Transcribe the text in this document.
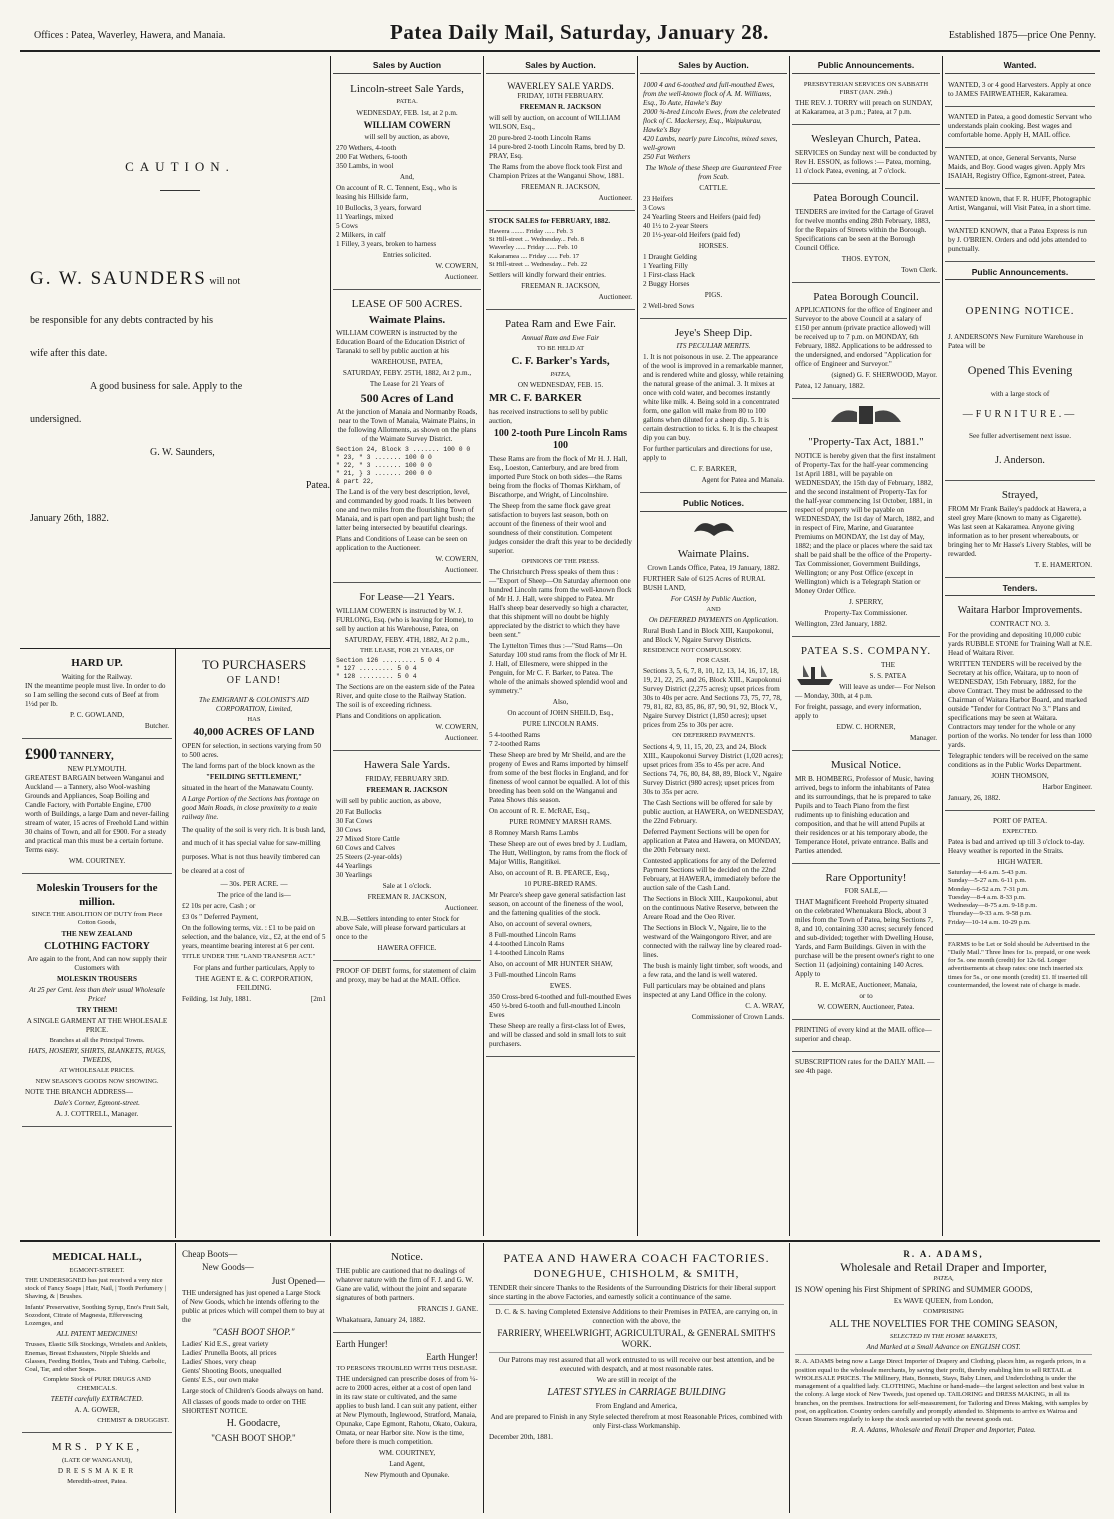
Offices : Patea, Waverley, Hawera, and Manaia.	Patea Daily Mail, Saturday, January 28.	Established 1875—price One Penny.
CAUTION.
G. W. SAUNDERS will not

be responsible for any debts contracted by his

wife after this date.

A good business for sale. Apply to the

undersigned.

G. W. Saunders,

Patea.

January 26th, 1882.

HARD UP.
Waiting for the Railway.

IN the meantime people must live. In order to do so I am selling the second cuts of Beef at from 1½d per lb.

P. C. GOWLAND,

Butcher.

£900 TANNERY,
NEW PLYMOUTH.

GREATEST BARGAIN between Wanganui and Auckland — a Tannery, also Wool-washing Grounds and Appliances, Soap Boiling and Candle Factory, with Portable Engine, £700 worth of Buildings, a large Dam and never-failing stream of water, 15 acres of Freehold Land within 30 chains of Town, and all for £900. For a steady and practical man this must be a certain fortune. Terms easy.

WM. COURTNEY.

Moleskin Trousers for the million.

SINCE THE ABOLITION OF DUTY from Piece Cotton Goods,

THE NEW ZEALAND

CLOTHING FACTORY

Are again to the front, And can now supply their Customers with

MOLESKIN TROUSERS

At 25 per Cent. less than their usual Wholesale Price!

TRY THEM!

A SINGLE GARMENT AT THE WHOLESALE PRICE.

Branches at all the Principal Towns.

HATS, HOSIERY, SHIRTS, BLANKETS, RUGS, TWEEDS,

AT WHOLESALE PRICES.

NEW SEASON'S GOODS NOW SHOWING.

NOTE THE BRANCH ADDRESS—

Dale's Corner, Egmont-street.

A. J. COTTRELL, Manager.

TO PURCHASERS
OF LAND!

The EMIGRANT & COLONIST'S AID CORPORATION, Limited,

HAS

40,000 ACRES OF LAND

OPEN for selection, in sections varying from 50 to 500 acres.

The land forms part of the block known as the

"FEILDING SETTLEMENT,"

situated in the heart of the Manawatu County.

A Large Portion of the Sections has frontage on good Main Roads, in close proximity to a main railway line.

The quality of the soil is very rich. It is bush land, and much of it has special value for saw-milling purposes. What is not thus heavily timbered can be cleared at a cost of

— 30s. PER ACRE. —

The price of the land is—

£2 10s per acre, Cash ; or

£3 0s " Deferred Payment,

On the following terms, viz. : £1 to be paid on selection, and the balance, viz., £2, at the end of 5 years, meantime bearing interest at 6 per cent.

TITLE UNDER THE "LAND TRANSFER ACT."

For plans and further particulars, Apply to

THE AGENT E. & C. CORPORATION, FEILDING.

Feilding, 1st July, 1881.	[2m1

Sales by Auction
Lincoln-street Sale Yards,

PATEA.

WEDNESDAY, FEB. 1st, at 2 p.m.

WILLIAM COWERN

will sell by auction, as above,

270 Wethers, 4-tooth
200 Fat Wethers, 6-tooth
350 Lambs, in wool

And,

On account of R. C. Tennent, Esq., who is leasing his Hillside farm,

10 Bullocks, 3 years, forward
11 Yearlings, mixed
5 Cows
2 Milkers, in calf
1 Filley, 3 years, broken to harness

Entries solicited.

W. COWERN,

Auctioneer.

LEASE OF 500 ACRES.
Waimate Plains.

WILLIAM COWERN is instructed by the Education Board of the Education District of Taranaki to sell by public auction at his

WAREHOUSE, PATEA,

SATURDAY, FEBY. 25TH, 1882, At 2 p.m.,

The Lease for 21 Years of

500 Acres of Land

At the junction of Manaia and Normanby Roads, near to the Town of Manaia, Waimate Plains, in the following Allotments, as shown on the plans of the Waimate Survey District.

Section 24, Block 3 ....... 100 0 0
" 23, " 3 ....... 100 0 0
" 22, " 3 ....... 100 0 0
" 21, } 3 ....... 200 0 0
& part 22,

The Land is of the very best description, level, and commanded by good roads. It lies between one and two miles from the flourishing Town of Manaia, and is part open and part light bush; the latter being intersected by beautiful clearings.

Plans and Conditions of Lease can be seen on application to the Auctioneer.

W. COWERN,

Auctioneer.

For Lease—21 Years.

WILLIAM COWERN is instructed by W. J. FURLONG, Esq. (who is leaving for Home), to sell by auction at his Warehouse, Patea, on

SATURDAY, FEBY. 4TH, 1882, At 2 p.m.,

THE LEASE, FOR 21 YEARS, OF

Section 126 ......... 5 0 4
" 127 ......... 5 0 4
" 128 ......... 5 0 4

The Sections are on the eastern side of the Patea River, and quite close to the Railway Station. The soil is of exceeding richness.

Plans and Conditions on application.

W. COWERN,

Auctioneer.

Hawera Sale Yards.

FRIDAY, FEBRUARY 3RD.

FREEMAN R. JACKSON

will sell by public auction, as above,

20 Fat Bullocks
30 Fat Cows
30 Cows
27 Mixed Store Cattle
60 Cows and Calves
25 Steers (2-year-olds)
44 Yearlings
30 Yearlings

Sale at 1 o'clock.

FREEMAN R. JACKSON,

Auctioneer.

N.B.—Settlers intending to enter Stock for above Sale, will please forward particulars at once to the

HAWERA OFFICE.

PROOF OF DEBT forms, for statement of claim and proxy, may be had at the MAIL Office.

Sales by Auction.
WAVERLEY SALE YARDS.

FRIDAY, 10TH FEBRUARY.

FREEMAN R. JACKSON

will sell by auction, on account of WILLIAM WILSON, Esq.,

20 pure-bred 2-tooth Lincoln Rams
14 pure-bred 2-tooth Lincoln Rams, bred by D. PRAY, Esq.

The Rams from the above flock took First and Champion Prizes at the Wanganui Show, 1881.

FREEMAN R. JACKSON,

Auctioneer.

STOCK SALES for FEBRUARY, 1882.

Hawera ........ Friday ...... Feb. 3
St Hill-street ... Wednesday... Feb. 8
Waverley ...... Friday ...... Feb. 10
Kakaramea .... Friday ...... Feb. 17
St Hill-street ... Wednesday... Feb. 22

Settlers will kindly forward their entries.

FREEMAN R. JACKSON,

Auctioneer.

Patea Ram and Ewe Fair.

Annual Ram and Ewe Fair

TO BE HELD AT

C. F. Barker's Yards,

PATEA,

ON WEDNESDAY, FEB. 15.

MR C. F. BARKER

has received instructions to sell by public auction,

100 2-tooth Pure Lincoln Rams 100

These Rams are from the flock of Mr H. J. Hall, Esq., Loeston, Canterbury, and are bred from imported Pure Stock on both sides—the Rams being from the flocks of Thomas Kirkham, of Biscathorpe, and Wright, of Lincolnshire.

The Sheep from the same flock gave great satisfaction to buyers last season, both on account of the fineness of their wool and soundness of their constitution. Competent judges consider the draft this year to be decidedly superior.

OPINIONS OF THE PRESS.

The Christchurch Press speaks of them thus :—"Export of Sheep—On Saturday afternoon one hundred Lincoln rams from the well-known flock of Mr H. J. Hall, were shipped to Patea. Mr Hall's sheep bear deservedly so high a character, that this shipment will no doubt be highly appreciated by the district to which they have been sent."

The Lyttelton Times thus :—"Stud Rams—On Saturday 100 stud rams from the flock of Mr H. J. Hall, of Ellesmere, were shipped in the Penguin, for Mr C. F. Barker, to Patea. The whole of the animals showed splendid wool and symmetry."

Also,

On account of JOHN SHEILD, Esq.,

PURE LINCOLN RAMS.

5 4-toothed Rams
7 2-toothed Rams

These Sheep are bred by Mr Sheild, and are the progeny of Ewes and Rams imported by himself from some of the best flocks in England, and for fineness of wool cannot be equalled. A lot of this breeding has been sold on the Wanganui and Patea Shows this season.

On account of R. E. McRAE, Esq.,

PURE ROMNEY MARSH RAMS.

8 Romney Marsh Rams Lambs

These Sheep are out of ewes bred by J. Ludlam, The Hutt, Wellington, by rams from the flock of Major Willis, Rangitikei.

Also, on account of R. B. PEARCE, Esq.,

10 PURE-BRED RAMS.

Mr Pearce's sheep gave general satisfaction last season, on account of the fineness of the wool, and the fattening qualities of the stock.

Also, on account of several owners,

8 Full-mouthed Lincoln Rams
4 4-toothed Lincoln Rams
1 4-toothed Lincoln Rams

Also, on account of MR HUNTER SHAW,

3 Full-mouthed Lincoln Rams

EWES.

350 Cross-bred 6-toothed and full-mouthed Ewes
450 ½-bred 6-tooth and full-mouthed Lincoln Ewes

These Sheep are really a first-class lot of Ewes, and will be classed and sold in small lots to suit purchasers.

Sales by Auction.

1000 4 and 6-toothed and full-mouthed Ewes, from the well-known flock of A. M. Williams, Esq., To Aute, Hawke's Bay
2000 ¾-bred Lincoln Ewes, from the celebrated flock of C. Mackersey, Esq., Waipukurau, Hawke's Bay
420 Lambs, nearly pure Lincolns, mixed sexes, well-grown
250 Fat Wethers

The Whole of these Sheep are Guaranteed Free from Scab.

CATTLE.

23 Heifers
3 Cows
24 Yearling Steers and Heifers (paid fed)
40 1½ to 2-year Steers
20 1½-year-old Heifers (paid fed)

HORSES.

1 Draught Gelding
1 Yearling Filly
1 First-class Hack
2 Buggy Horses

PIGS.

2 Well-bred Sows

Jeye's Sheep Dip.

ITS PECULIAR MERITS.

1. It is not poisonous in use. 2. The appearance of the wool is improved in a remarkable manner, and is rendered white and glossy, while retaining the natural grease of the animal. 3. It mixes at once with cold water, and becomes instantly white like milk. 4. Being sold in a concentrated form, one gallon will make from 80 to 100 gallons when diluted for a sheep dip. 5. It is certain destruction to ticks. 6. It is the cheapest dip you can buy.

For further particulars and directions for use, apply to

C. F. BARKER,

Agent for Patea and Manaia.

Public Notices.
Waimate Plains.

Crown Lands Office, Patea, 19 January, 1882.

FURTHER Sale of 6125 Acres of RURAL BUSH LAND,

For CASH by Public Auction,

AND

On DEFERRED PAYMENTS on Application.

Rural Bush Land in Block XIII, Kaupokonui, and Block V, Ngaire Survey Districts.

RESIDENCE NOT COMPULSORY.

FOR CASH.

Sections 3, 5, 6, 7, 8, 10, 12, 13, 14, 16, 17, 18, 19, 21, 22, 25, and 26, Block XIII., Kaupokonui Survey District (2,275 acres); upset prices from 30s to 40s per acre. And Sections 73, 75, 77, 78, 79, 81, 82, 83, 85, 86, 87, 90, 91, 92, Block V., Ngaire Survey District (1,850 acres); upset prices from 25s to 30s per acre.

ON DEFERRED PAYMENTS.

Sections 4, 9, 11, 15, 20, 23, and 24, Block XIII., Kaupokonui Survey District (1,020 acres); upset prices from 35s to 45s per acre. And Sections 74, 76, 80, 84, 88, 89, Block V., Ngaire Survey District (980 acres); upset prices from 30s to 35s per acre.

The Cash Sections will be offered for sale by public auction, at HAWERA, on WEDNESDAY, the 22nd February.

Deferred Payment Sections will be open for application at Patea and Hawera, on MONDAY, the 20th February next.

Contested applications for any of the Deferred Payment Sections will be decided on the 22nd February, at HAWERA, immediately before the auction sale of the Cash Land.

The Sections in Block XIII., Kaupokonui, abut on the continuous Native Reserve, between the Areare Road and the Oeo River.

The Sections in Block V., Ngaire, lie to the westward of the Waingongoro River, and are connected with the railway line by cleared road-lines.

The bush is mainly light timber, soft woods, and a few rata, and the land is well watered.

Full particulars may be obtained and plans inspected at any Land Office in the colony.

C. A. WRAY,

Commissioner of Crown Lands.

Public Announcements.

PRESBYTERIAN SERVICES ON SABBATH FIRST (JAN. 29th.)

THE REV. J. TORRY will preach on SUNDAY, at Kakaramea, at 3 p.m.; Patea, at 7 p.m.

Wesleyan Church, Patea.

SERVICES on Sunday next will be conducted by Rev H. ESSON, as follows :— Patea, morning, 11 o'clock Patea, evening, at 7 o'clock.

Patea Borough Council.

TENDERS are invited for the Cartage of Gravel for twelve months ending 28th February, 1883, for the Repairs of Streets within the Borough. Specifications can be seen at the Borough Council Office.

THOS. EYTON,

Town Clerk.

Patea Borough Council.

APPLICATIONS for the office of Engineer and Surveyor to the above Council at a salary of £150 per annum (private practice allowed) will be received up to 7 p.m. on MONDAY, 6th February, 1882. Applications to be addressed to the undersigned, and endorsed "Application for office of Engineer and Surveyor."

(signed) G. F. SHERWOOD, Mayor.

Patea, 12 January, 1882.

"Property-Tax Act, 1881."

NOTICE is hereby given that the first instalment of Property-Tax for the half-year commencing 1st April 1881, will be payable on WEDNESDAY, the 15th day of February, 1882, and the second instalment of Property-Tax for the half-year commencing 1st October, 1881, in respect of property will be payable on WEDNESDAY, the 1st day of March, 1882, and in respect of Fire, Marine, and Guarantee Premiums on MONDAY, the 1st day of May, 1882; and the place or places where the said tax shall be paid shall be the office of the Property-Tax Commissioner, Government Buildings, Wellington; or any Post Office (except in Wellington) which is a Telegraph Station or Money Order Office.

J. SPERRY,

Property-Tax Commissioner.

Wellington, 23rd January, 1882.

PATEA S.S. COMPANY.

THE

S. S. PATEA

Will leave as under— For Nelson— Monday, 30th, at 4 p.m.

For freight, passage, and every information, apply to

EDW. C. HORNER,

Manager.

Musical Notice.

MR B. HOMBERG, Professor of Music, having arrived, begs to inform the inhabitants of Patea and its surroundings, that he is prepared to take Pupils and to Teach Piano from the first rudiments up to finishing education and composition, and that he will attend Pupils at their residences or at his temporary abode, the Temperance Hotel, private entrance. Balls and Parties attended.

Rare Opportunity!

FOR SALE,—

THAT Magnificent Freehold Property situated on the celebrated Whenuakura Block, about 3 miles from the Town of Patea, being Sections 7, 8, and 10, containing 330 acres; securely fenced and sub-divided; together with Dwelling House, Yards, and Farm Buildings. Given in with the purchase will be the present owner's right to one Section 11 (adjoining) containing 140 Acres. Apply to

R. E. McRAE, Auctioneer, Manaia,

or to

W. COWERN, Auctioneer, Patea.

PRINTING of every kind at the MAIL office—superior and cheap.

SUBSCRIPTION rates for the DAILY MAIL —see 4th page.

Wanted.

WANTED, 3 or 4 good Harvesters. Apply at once to JAMES FAIRWEATHER, Kakaramea.

WANTED in Patea, a good domestic Servant who understands plain cooking. Best wages and comfortable home. Apply H, MAIL office.

WANTED, at once, General Servants, Nurse Maids, and Boy. Good wages given. Apply Mrs ISAIAH, Registry Office, Egmont-street, Patea.

WANTED known, that F. R. HUFF, Photographic Artist, Wanganui, will Visit Patea, in a short time.

WANTED KNOWN, that a Patea Express is run by J. O'BRIEN. Orders and odd jobs attended to punctually.

Public Announcements.
OPENING NOTICE.

J. ANDERSON'S New Furniture Warehouse in Patea will be

Opened This Evening

with a large stock of

—FURNITURE.—

See fuller advertisement next issue.

J. Anderson.

Strayed,

FROM Mr Frank Bailey's paddock at Hawera, a steel grey Mare (known to many as Cigarette). Was last seen at Kakaramea. Anyone giving information as to her present whereabouts, or bringing her to Mr Hasse's Livery Stables, will be rewarded.

T. E. HAMERTON.

Tenders.
Waitara Harbor Improvements.

CONTRACT NO. 3.

For the providing and depositing 10,000 cubic yards RUBBLE STONE for Training Wall at N.E. Head of Waitara River.

WRITTEN TENDERS will be received by the Secretary at his office, Waitara, up to noon of WEDNESDAY, 15th February, 1882, for the above Contract. They must be addressed to the Chairman of Waitara Harbor Board, and marked outside "Tender for Contract No 3." Plans and specifications may be seen at Waitara. Contractors may tender for the whole or any portion of the works. No tender for less than 1000 yards.

Telegraphic tenders will be received on the same conditions as in the Public Works Department.

JOHN THOMSON,

Harbor Engineer.

January, 26, 1882.

PORT OF PATEA.

EXPECTED.

Patea is bad and arrived up till 3 o'clock to-day. Heavy weather is reported in the Straits.

HIGH WATER.

Saturday—4-6 a.m. 5-43 p.m.
Sunday—5-27 a.m. 6-11 p.m.
Monday—6-52 a.m. 7-31 p.m.
Tuesday—8-4 a.m. 8-33 p.m.
Wednesday—8-75 a.m. 9-18 p.m.
Thursday—9-33 a.m. 9-58 p.m.
Friday—10-14 a.m. 10-29 p.m.

FARMS to be Let or Sold should be Advertised in the "Daily Mail." Three lines for 1s. prepaid, or one week for 5s. one month (credit) for 12s 6d. Longer advertisements at cheap rates: one inch inserted six times for 5s., or one month (credit) £1. If inserted till countermanded, the lowest rate of charge is made.

MEDICAL HALL,

EGMONT-STREET.

THE UNDERSIGNED has just received a very nice stock of Fancy Soaps | Hair, Nail, | Tooth Perfumery | Shaving, & | Brushes.

Infants' Preservative, Soothing Syrup, Eno's Fruit Salt, Sozodont, Citrate of Magnesia, Effervescing Lozenges, and

ALL PATENT MEDICINES!

Trusses, Elastic Silk Stockings, Wristlets and Anklets, Enemas, Breast Exhausters, Nipple Shields and Glasses, Feeding Bottles, Teats and Tubing. Carbolic, Coal, Tar, and other Soaps.

Complete Stock of PURE DRUGS AND CHEMICALS.

TEETH carefully EXTRACTED.

A. A. GOWER,

CHEMIST & DRUGGIST.

MRS. PYKE,

(LATE OF WANGANUI),

DRESSMAKER

Meredith-street, Patea.

Cheap Boots—

New Goods—

Just Opened—

THE undersigned has just opened a Large Stock of New Goods, which he intends offering to the public at prices which will compel them to buy at the

"CASH BOOT SHOP."

Ladies' Kid E.S., great variety
Ladies' Prunella Boots, all prices
Ladies' Shoes, very cheap
Gents' Shooting Boots, unequalled
Gents' E.S., our own make

Large stock of Children's Goods always on hand.

All classes of goods made to order on THE SHORTEST NOTICE.

H. Goodacre,

"CASH BOOT SHOP."

Notice.

THE public are cautioned that no dealings of whatever nature with the firm of F. J. and G. W. Gane are valid, without the joint and separate signatures of both partners.

FRANCIS J. GANE.

Whakatuara, January 24, 1882.

Earth Hunger!

Earth Hunger!

TO PERSONS TROUBLED WITH THIS DISEASE.

THE undersigned can prescribe doses of from ¼-acre to 2000 acres, either at a cost of open land in its raw state or cultivated, and the same applies to bush land. I can suit any patient, either at New Plymouth, Inglewood, Stratford, Manaia, Opunake, Cape Egmont, Rahotu, Okato, Oakura, Omata, or near Harbor site. Now is the time, before there is much competition.

WM. COURTNEY,

Land Agent,

New Plymouth and Opunake.

PATEA AND HAWERA COACH FACTORIES.
DONEGHUE, CHISHOLM, & SMITH,

TENDER their sincere Thanks to the Residents of the Surrounding Districts for their liberal support since starting in the above Factories, and earnestly solicit a continuance of the same.

D. C. & S. having Completed Extensive Additions to their Premises in PATEA, are carrying on, in connection with the above, the

FARRIERY, WHEELWRIGHT, AGRICULTURAL, & GENERAL SMITH'S WORK.

Our Patrons may rest assured that all work entrusted to us will receive our best attention, and be executed with despatch, and at most reasonable rates.

We are still in receipt of the

LATEST STYLES in CARRIAGE BUILDING

From England and America,

And are prepared to Finish in any Style selected therefrom at most Reasonable Prices, combined with only First-class Workmanship.

December 20th, 1881.

R. A. ADAMS,
Wholesale and Retail Draper and Importer,

PATEA,

IS NOW opening his First Shipment of SPRING and SUMMER GOODS,

Ex WAVE QUEEN, from London,

COMPRISING

ALL THE NOVELTIES FOR THE COMING SEASON,

SELECTED IN THE HOME MARKETS,

And Marked at a Small Advance on ENGLISH COST.

R. A. ADAMS being now a Large Direct Importer of Drapery and Clothing, places him, as regards prices, in a position equal to the wholesale merchants, by saving their profit, thereby enabling him to sell RETAIL at WHOLESALE PRICES. The Millinery, Hats, Bonnets, Stays, Baby Linen, and Underclothing is under the management of a qualified lady. CLOTHING, Machine or hand-made—the largest selection and best value in the colony. A large stock of New Tweeds, just opened up. TAILORING and DRESS MAKING, in all its branches, on the premises. Instructions for self-measurement, for Tailoring and Dress Making, with samples by post, on application. Country orders carefully and promptly attended to. Shipments to arrive ex Wairoa and Ocean Steamers regularly to keep the stock assorted up with the newest goods out.

R. A. Adams, Wholesale and Retail Draper and Importer, Patea.
